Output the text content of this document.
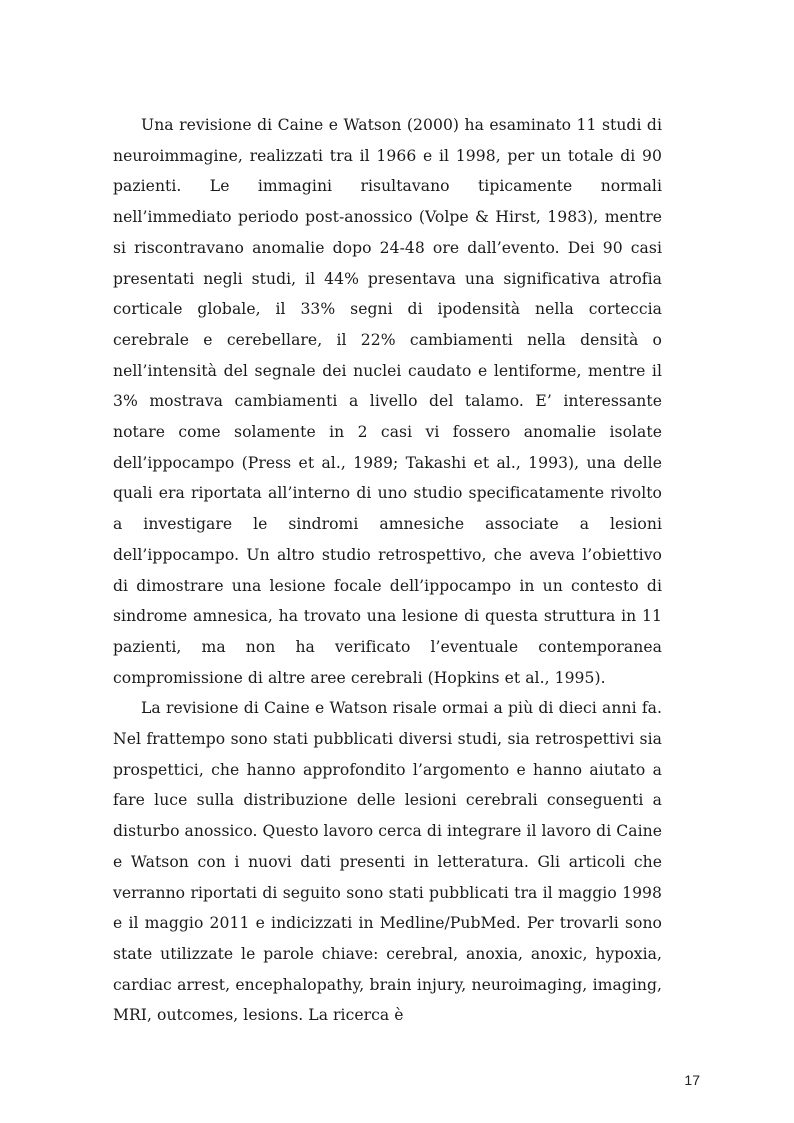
Una revisione di Caine e Watson (2000) ha esaminato 11 studi di neuroimmagine, realizzati tra il 1966 e il 1998, per un totale di 90 pazienti. Le immagini risultavano tipicamente normali nell’immediato periodo post-anossico (Volpe & Hirst, 1983), mentre si riscontravano anomalie dopo 24-48 ore dall’evento. Dei 90 casi presentati negli studi, il 44% presentava una significativa atrofia corticale globale, il 33% segni di ipodensità nella corteccia cerebrale e cerebellare, il 22% cambiamenti nella densità o nell’intensità del segnale dei nuclei caudato e lentiforme, mentre il 3% mostrava cambiamenti a livello del talamo. E’ interessante notare come solamente in 2 casi vi fossero anomalie isolate dell’ippocampo (Press et al., 1989; Takashi et al., 1993), una delle quali era riportata all’interno di uno studio specificatamente rivolto a investigare le sindromi amnesiche associate a lesioni dell’ippocampo. Un altro studio retrospettivo, che aveva l’obiettivo di dimostrare una lesione focale dell’ippocampo in un contesto di sindrome amnesica, ha trovato una lesione di questa struttura in 11 pazienti, ma non ha verificato l’eventuale contemporanea compromissione di altre aree cerebrali (Hopkins et al., 1995).

La revisione di Caine e Watson risale ormai a più di dieci anni fa. Nel frattempo sono stati pubblicati diversi studi, sia retrospettivi sia prospettici, che hanno approfondito l’argomento e hanno aiutato a fare luce sulla distribuzione delle lesioni cerebrali conseguenti a disturbo anossico. Questo lavoro cerca di integrare il lavoro di Caine e Watson con i nuovi dati presenti in letteratura. Gli articoli che verranno riportati di seguito sono stati pubblicati tra il maggio 1998 e il maggio 2011 e indicizzati in Medline/PubMed. Per trovarli sono state utilizzate le parole chiave: cerebral, anoxia, anoxic, hypoxia, cardiac arrest, encephalopathy, brain injury, neuroimaging, imaging, MRI, outcomes, lesions. La ricerca è

17
